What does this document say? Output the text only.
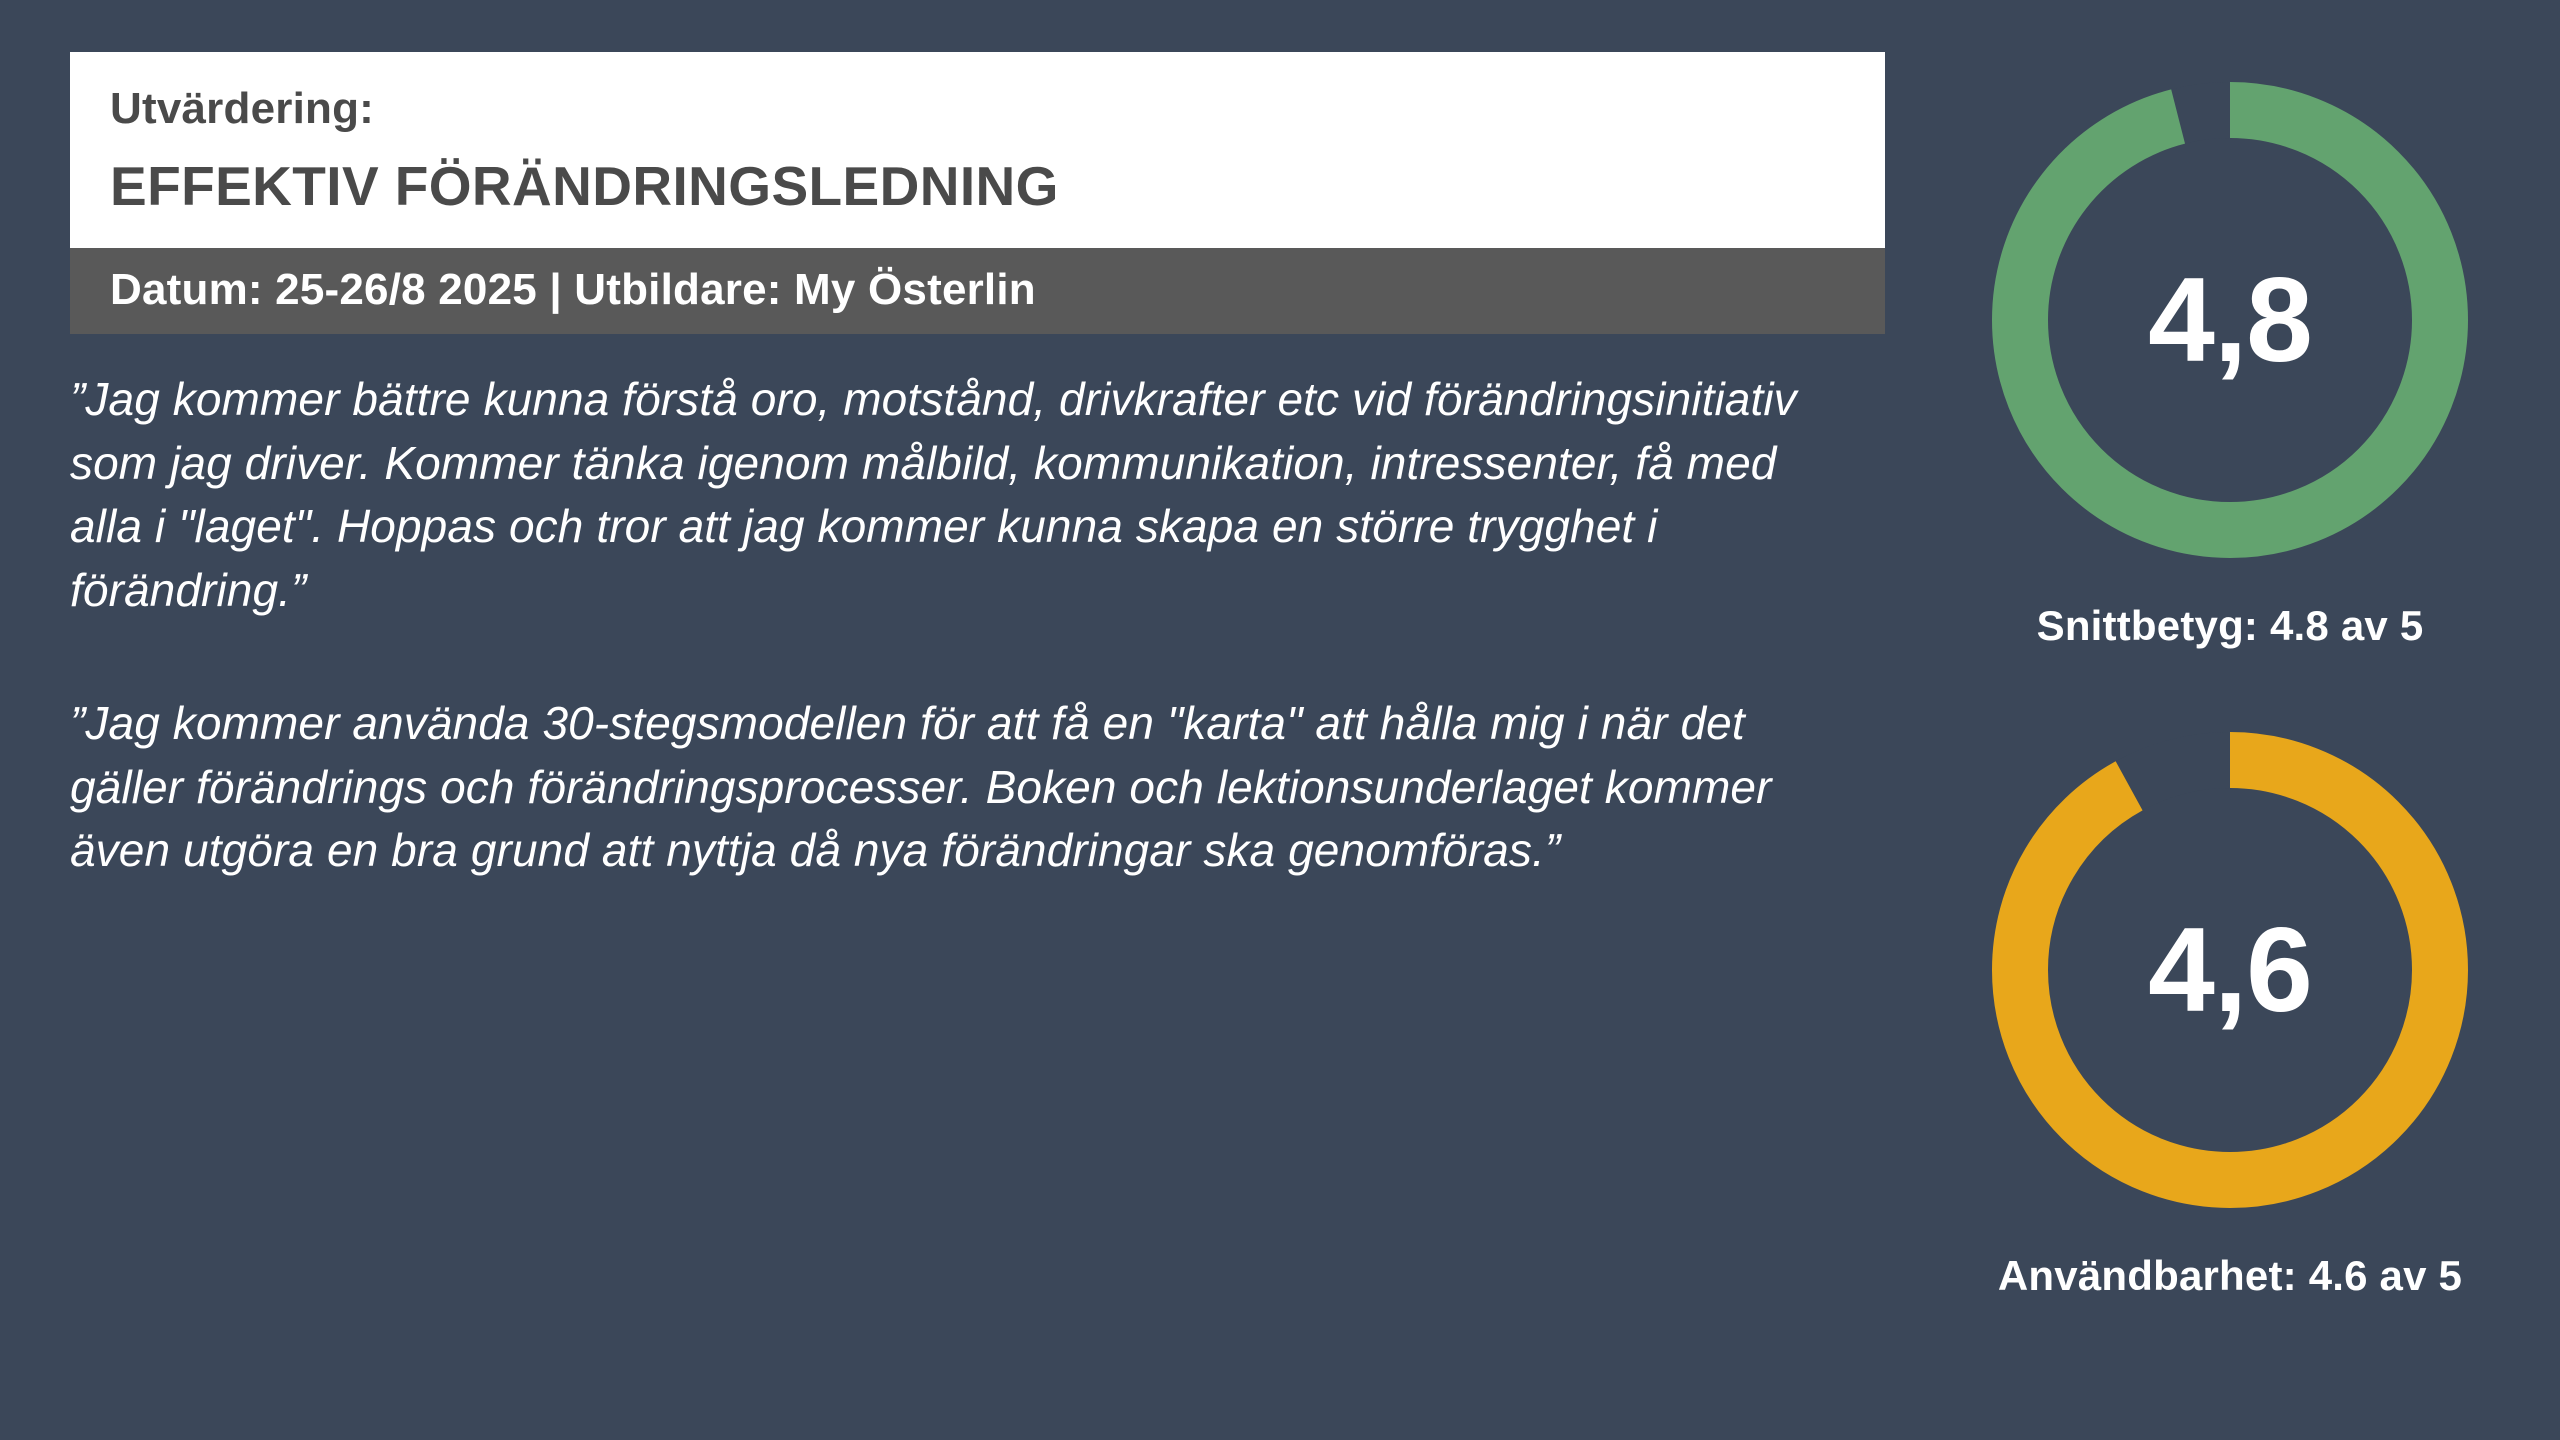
Utvärdering:
EFFEKTIV FÖRÄNDRINGSLEDNING
Datum: 25-26/8 2025 | Utbildare: My Österlin
”Jag kommer bättre kunna förstå oro, motstånd, drivkrafter etc vid förändringsinitiativ som jag driver. Kommer tänka igenom målbild, kommunikation, intressenter, få med alla i "laget". Hoppas och tror att jag kommer kunna skapa en större trygghet i förändring.”
”Jag kommer använda 30-stegsmodellen för att få en "karta" att hålla mig i när det gäller förändrings och förändringsprocesser. Boken och lektionsunderlaget kommer även utgöra en bra grund att nyttja då nya förändringar ska genomföras.”
4,8
Snittbetyg: 4.8 av 5
4,6
Användbarhet: 4.6 av 5
